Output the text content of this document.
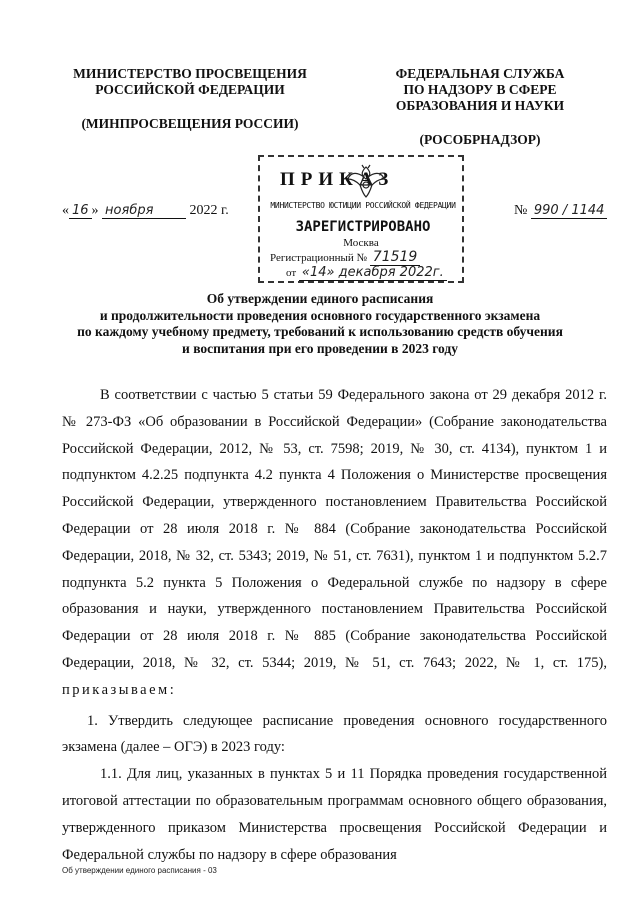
МИНИСТЕРСТВО ПРОСВЕЩЕНИЯ
РОССИЙСКОЙ ФЕДЕРАЦИИ
(МИНПРОСВЕЩЕНИЯ РОССИИ)
ФЕДЕРАЛЬНАЯ СЛУЖБА
ПО НАДЗОРУ В СФЕРЕ
ОБРАЗОВАНИЯ И НАУКИ
(РОСОБРНАДЗОР)
« 16 » ноября	2022 г.	№ 990 / 1144
ПРИКАЗ
МИНИСТЕРСТВО ЮСТИЦИИ РОССИЙСКОЙ ФЕДЕРАЦИИ
ЗАРЕГИСТРИРОВАНО
Москва
Регистрационный № 71519
от «14» декабря 2022г.
Об утверждении единого расписания
и продолжительности проведения основного государственного экзамена
по каждому учебному предмету, требований к использованию средств обучения
и воспитания при его проведении в 2023 году

В соответствии с частью 5 статьи 59 Федерального закона от 29 декабря 2012 г. № 273-ФЗ «Об образовании в Российской Федерации» (Собрание законодательства Российской Федерации, 2012, № 53, ст. 7598; 2019, № 30, ст. 4134), пунктом 1 и подпунктом 4.2.25 подпункта 4.2 пункта 4 Положения о Министерстве просвещения Российской Федерации, утвержденного постановлением Правительства Российской Федерации от 28 июля 2018 г. № 884 (Собрание законодательства Российской Федерации, 2018, № 32, ст. 5343; 2019, № 51, ст. 7631), пунктом 1 и подпунктом 5.2.7 подпункта 5.2 пункта 5 Положения о Федеральной службе по надзору в сфере образования и науки, утвержденного постановлением Правительства Российской Федерации от 28 июля 2018 г. № 885 (Собрание законодательства Российской Федерации, 2018, № 32, ст. 5344; 2019, № 51, ст. 7643; 2022, № 1, ст. 175), приказываем:

1. Утвердить следующее расписание проведения основного государственного экзамена (далее – ОГЭ) в 2023 году:

1.1. Для лиц, указанных в пунктах 5 и 11 Порядка проведения государственной итоговой аттестации по образовательным программам основного общего образования, утвержденного приказом Министерства просвещения Российской Федерации и Федеральной службы по надзору в сфере образования

Об утверждении единого расписания - 03
